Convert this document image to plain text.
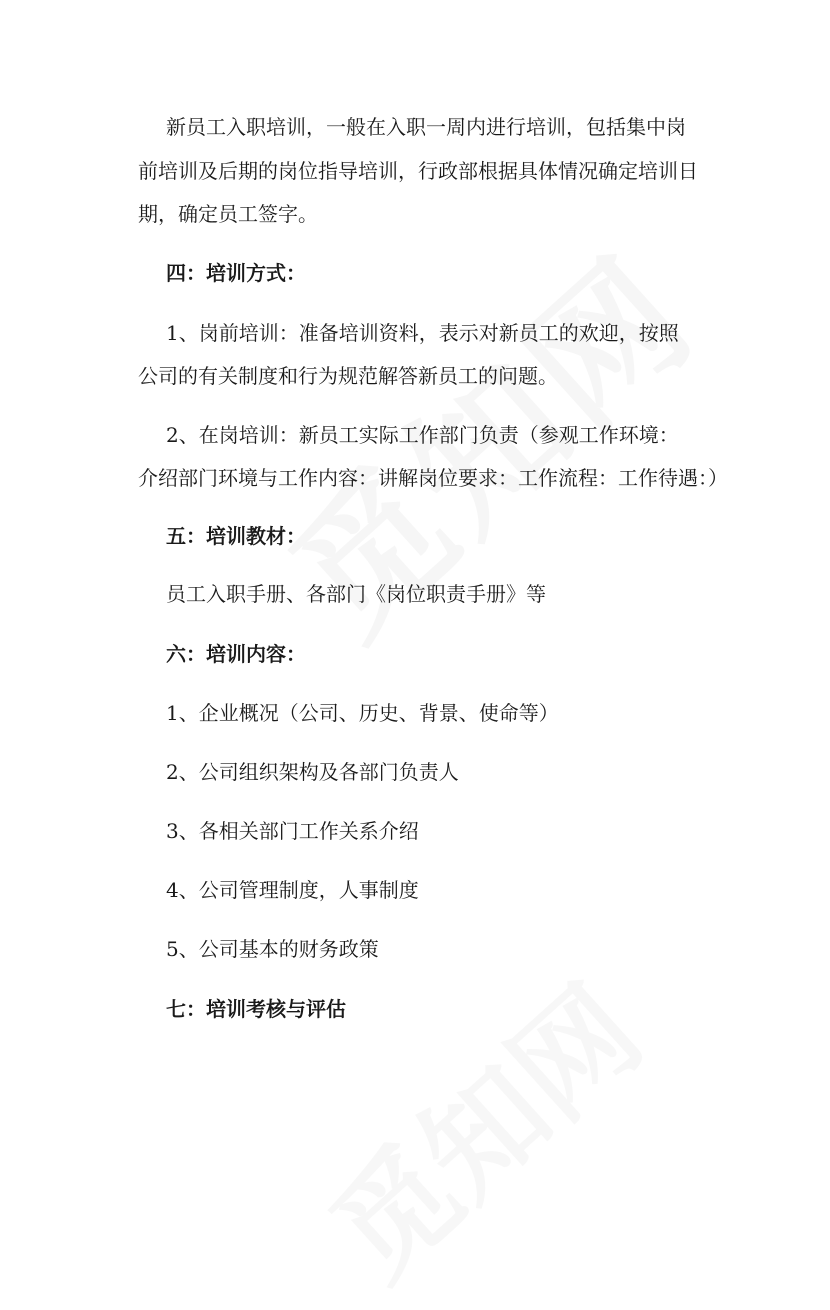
新员工入职培训，一般在入职一周内进行培训，包括集中岗
前培训及后期的岗位指导培训，行政部根据具体情况确定培训日
期，确定员工签字。
四：培训方式：
1、岗前培训：准备培训资料，表示对新员工的欢迎，按照
公司的有关制度和行为规范解答新员工的问题。
2、在岗培训：新员工实际工作部门负责（参观工作环境：
介绍部门环境与工作内容：讲解岗位要求：工作流程：工作待遇：）
五：培训教材：
员工入职手册、各部门《岗位职责手册》等
六：培训内容：
1、企业概况（公司、历史、背景、使命等）
2、公司组织架构及各部门负责人
3、各相关部门工作关系介绍
4、公司管理制度，人事制度
5、公司基本的财务政策
七：培训考核与评估
